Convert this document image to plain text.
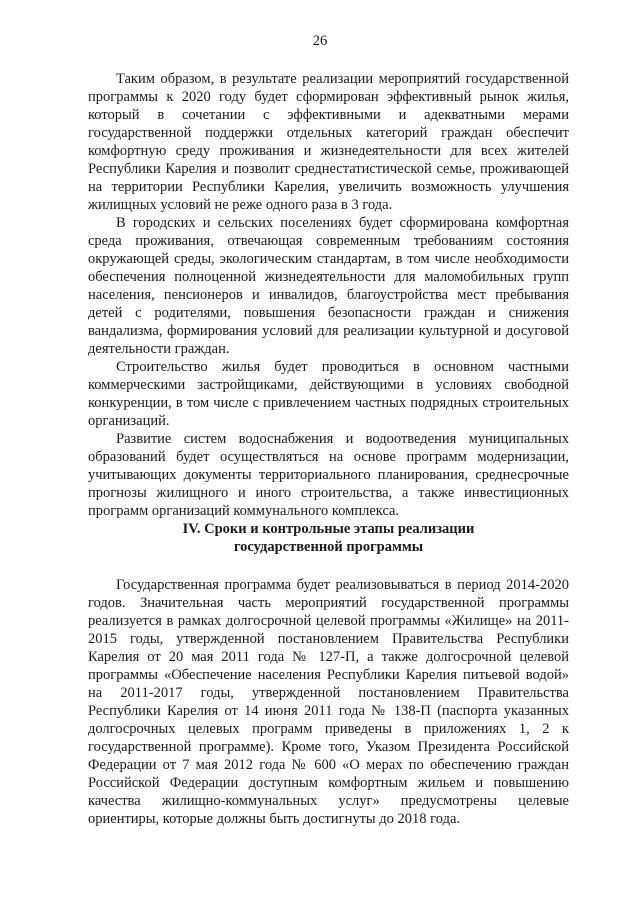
26

Таким образом, в результате реализации мероприятий государственной программы к 2020 году будет сформирован эффективный рынок жилья, который в сочетании с эффективными и адекватными мерами государственной поддержки отдельных категорий граждан обеспечит комфортную среду проживания и жизнедеятельности для всех жителей Республики Карелия и позволит среднестатистической семье, проживающей на территории Республики Карелия, увеличить возможность улучшения жилищных условий не реже одного раза в 3 года.

В городских и сельских поселениях будет сформирована комфортная среда проживания, отвечающая современным требованиям состояния окружающей среды, экологическим стандартам, в том числе необходимости обеспечения полноценной жизнедеятельности для маломобильных групп населения, пенсионеров и инвалидов, благоустройства мест пребывания детей с родителями, повышения безопасности граждан и снижения вандализма, формирования условий для реализации культурной и досуговой деятельности граждан.

Строительство жилья будет проводиться в основном частными коммерческими застройщиками, действующими в условиях свободной конкуренции, в том числе с привлечением частных подрядных строительных организаций.

Развитие систем водоснабжения и водоотведения муниципальных образований будет осуществляться на основе программ модернизации, учитывающих документы территориального планирования, среднесрочные прогнозы жилищного и иного строительства, а также инвестиционных программ организаций коммунального комплекса.

IV. Сроки и контрольные этапы реализации

государственной программы

Государственная программа будет реализовываться в период 2014-2020 годов. Значительная часть мероприятий государственной программы реализуется в рамках долгосрочной целевой программы «Жилище» на 2011-2015 годы, утвержденной постановлением Правительства Республики Карелия от 20 мая 2011 года № 127-П, а также долгосрочной целевой программы «Обеспечение населения Республики Карелия питьевой водой» на 2011-2017 годы, утвержденной постановлением Правительства Республики Карелия от 14 июня 2011 года № 138-П (паспорта указанных долгосрочных целевых программ приведены в приложениях 1, 2 к государственной программе). Кроме того, Указом Президента Российской Федерации от 7 мая 2012 года № 600 «О мерах по обеспечению граждан Российской Федерации доступным комфортным жильем и повышению качества жилищно-коммунальных услуг» предусмотрены целевые ориентиры, которые должны быть достигнуты до 2018 года.
